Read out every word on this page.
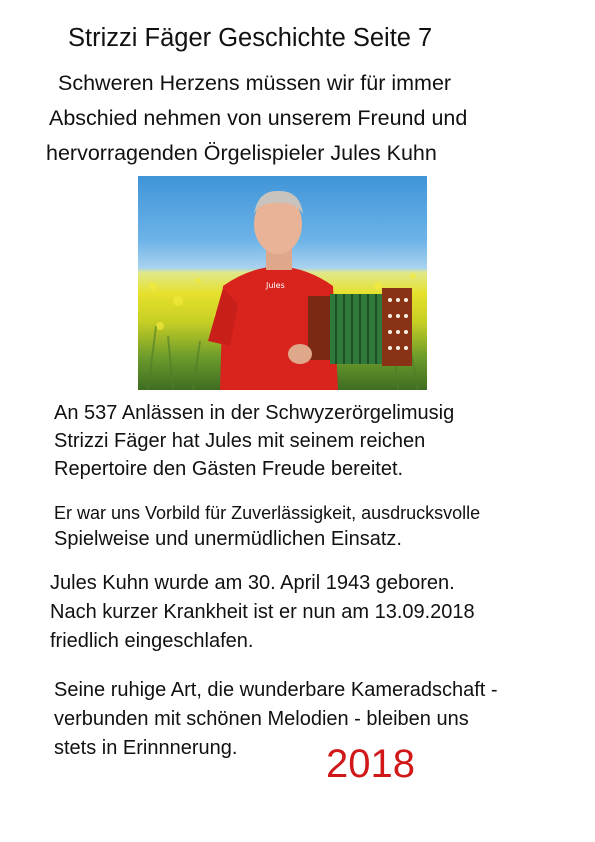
Strizzi Fäger Geschichte Seite 7
Schweren Herzens müssen wir für immer
Abschied nehmen von unserem Freund und
hervorragenden Örgelispieler Jules Kuhn
Jules
An 537 Anlässen in der Schwyzerörgelimusig
Strizzi Fäger hat Jules mit seinem reichen
Repertoire den Gästen Freude bereitet.
Er war uns Vorbild für Zuverlässigkeit, ausdrucksvolle
Spielweise und unermüdlichen Einsatz.
Jules Kuhn wurde am 30. April 1943 geboren.
Nach kurzer Krankheit ist er nun am 13.09.2018
friedlich eingeschlafen.
Seine ruhige Art, die wunderbare Kameradschaft -
verbunden mit schönen Melodien - bleiben uns
stets in Erinnnerung. 2018
